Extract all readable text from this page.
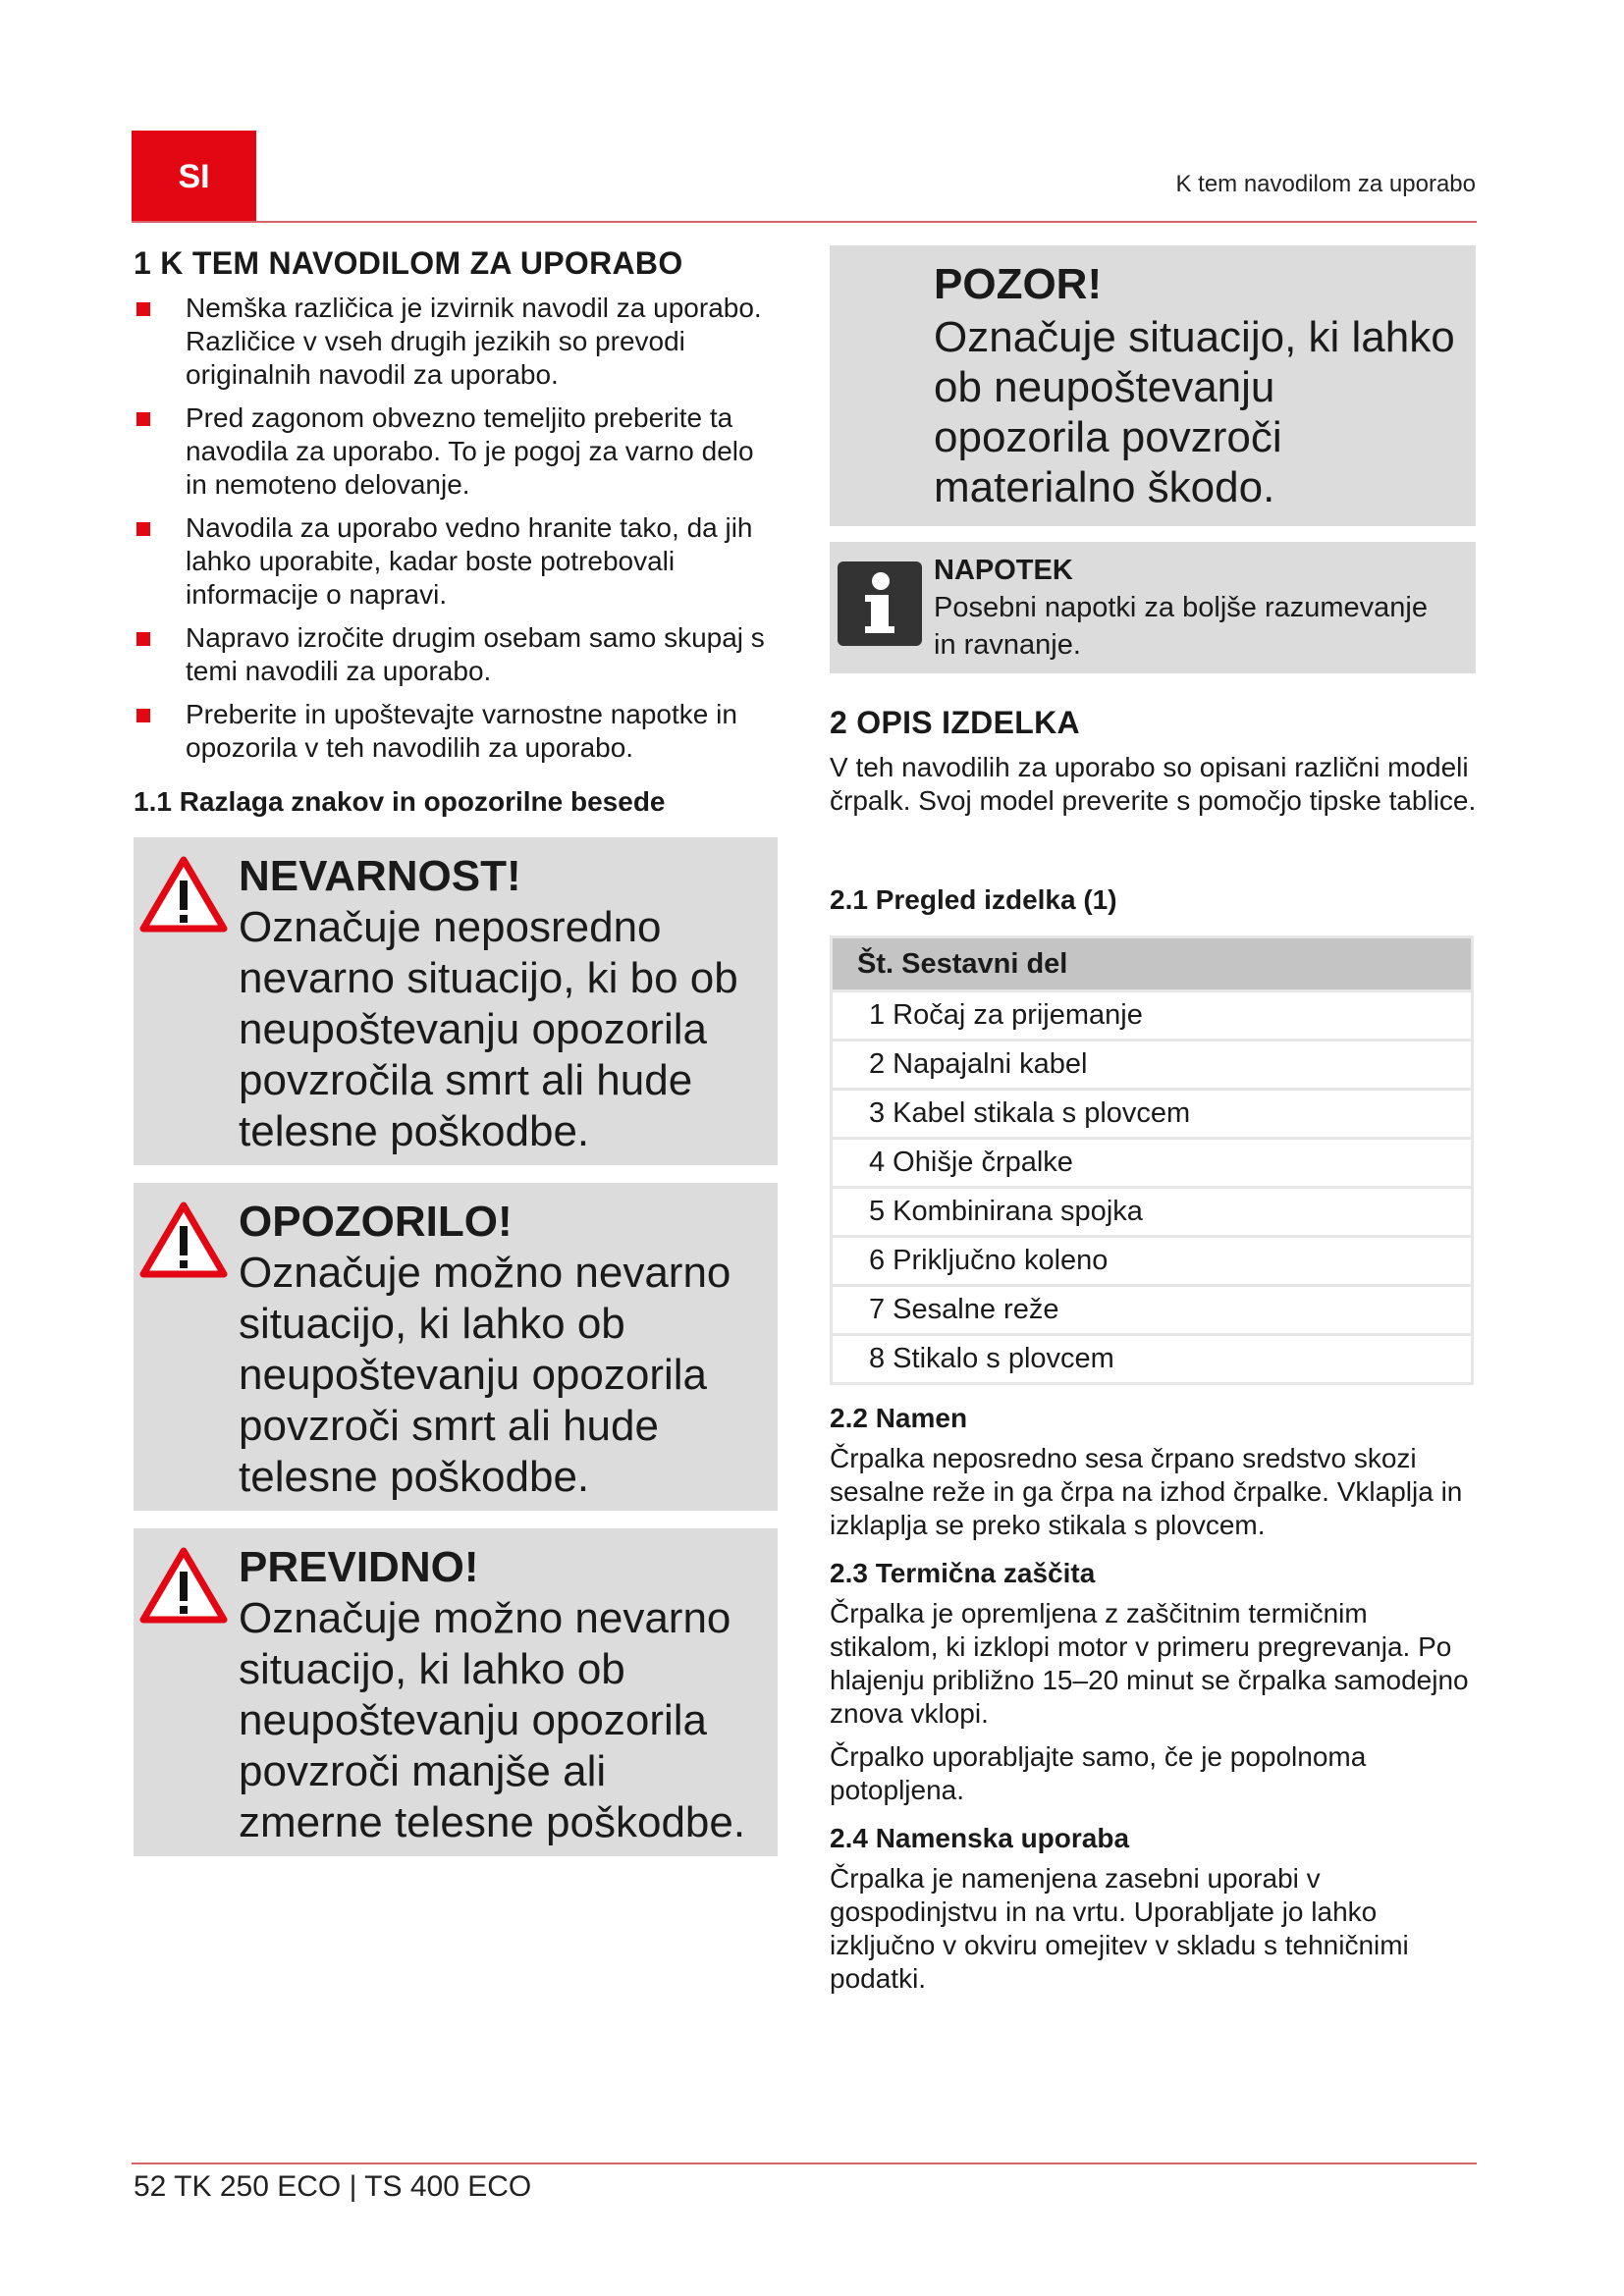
SI	K tem navodilom za uporabo
1 K TEM NAVODILOM ZA UPORABO
Nemška različica je izvirnik navodil za uporabo. Različice v vseh drugih jezikih so prevodi originalnih navodil za uporabo.
Pred zagonom obvezno temeljito preberite ta navodila za uporabo. To je pogoj za varno delo in nemoteno delovanje.
Navodila za uporabo vedno hranite tako, da jih lahko uporabite, kadar boste potrebovali informacije o napravi.
Napravo izročite drugim osebam samo skupaj s temi navodili za uporabo.
Preberite in upoštevajte varnostne napotke in opozorila v teh navodilih za uporabo.
1.1 Razlaga znakov in opozorilne besede
NEVARNOST!
Označuje neposredno nevarno situacijo, ki bo ob neupoštevanju opozorila povzročila smrt ali hude telesne poškodbe.
OPOZORILO!
Označuje možno nevarno situacijo, ki lahko ob neupoštevanju opozorila povzroči smrt ali hude telesne poškodbe.
PREVIDNO!
Označuje možno nevarno situacijo, ki lahko ob neupoštevanju opozorila povzroči manjše ali zmerne telesne poškodbe.
POZOR!
Označuje situacijo, ki lahko ob neupoštevanju opozorila povzroči materialno škodo.
NAPOTEK
Posebni napotki za boljše razumevanje in ravnanje.
2 OPIS IZDELKA

V teh navodilih za uporabo so opisani različni modeli črpalk. Svoj model preverite s pomočjo tipske tablice.

2.1 Pregled izdelka (1)
Št. Sestavni del
1 Ročaj za prijemanje
2 Napajalni kabel
3 Kabel stikala s plovcem
4 Ohišje črpalke
5 Kombinirana spojka
6 Priključno koleno
7 Sesalne reže
8 Stikalo s plovcem
2.2 Namen

Črpalka neposredno sesa črpano sredstvo skozi sesalne reže in ga črpa na izhod črpalke. Vklaplja in izklaplja se preko stikala s plovcem.

2.3 Termična zaščita

Črpalka je opremljena z zaščitnim termičnim stikalom, ki izklopi motor v primeru pregrevanja. Po hlajenju približno 15–20 minut se črpalka samodejno znova vklopi.

Črpalko uporabljajte samo, če je popolnoma potopljena.

2.4 Namenska uporaba

Črpalka je namenjena zasebni uporabi v gospodinjstvu in na vrtu. Uporabljate jo lahko izključno v okviru omejitev v skladu s tehničnimi podatki.

52 TK 250 ECO | TS 400 ECO
